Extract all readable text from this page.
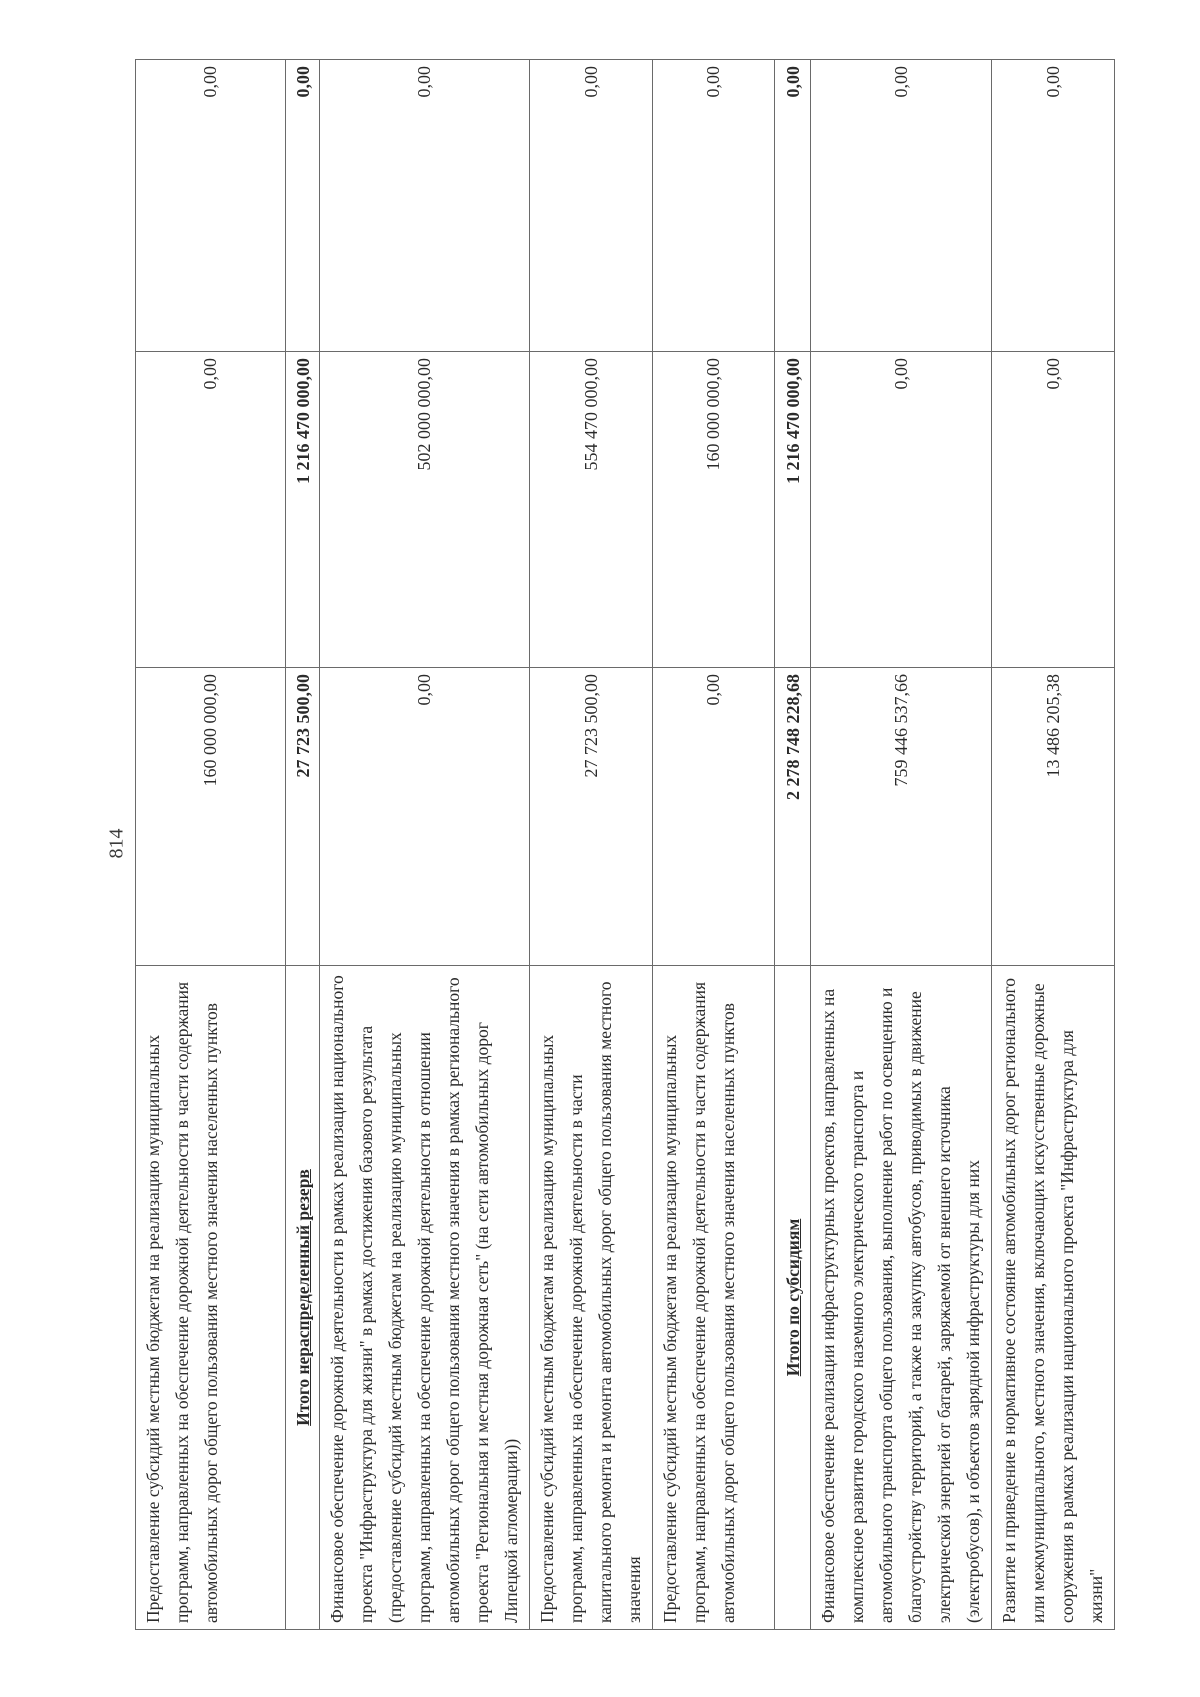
814
Предоставление субсидий местным бюджетам на реализацию муниципальных программ, направленных на обеспечение дорожной деятельности в части содержания автомобильных дорог общего пользования местного значения населенных пунктов	160 000 000,00	0,00	0,00
Итого нераспределенный резерв	27 723 500,00	1 216 470 000,00	0,00
Финансовое обеспечение дорожной деятельности в рамках реализации национального проекта "Инфраструктура для жизни" в рамках достижения базового результата (предоставление субсидий местным бюджетам на реализацию муниципальных программ, направленных на обеспечение дорожной деятельности в отношении автомобильных дорог общего пользования местного значения в рамках регионального проекта "Региональная и местная дорожная сеть" (на сети автомобильных дорог Липецкой агломерации))	0,00	502 000 000,00	0,00
Предоставление субсидий местным бюджетам на реализацию муниципальных программ, направленных на обеспечение дорожной деятельности в части капитального ремонта и ремонта автомобильных дорог общего пользования местного значения	27 723 500,00	554 470 000,00	0,00
Предоставление субсидий местным бюджетам на реализацию муниципальных программ, направленных на обеспечение дорожной деятельности в части содержания автомобильных дорог общего пользования местного значения населенных пунктов	0,00	160 000 000,00	0,00
Итого по субсидиям	2 278 748 228,68	1 216 470 000,00	0,00
Финансовое обеспечение реализации инфраструктурных проектов, направленных на комплексное развитие городского наземного электрического транспорта и автомобильного транспорта общего пользования, выполнение работ по освещению и благоустройству территорий, а также на закупку автобусов, приводимых в движение электрической энергией от батарей, заряжаемой от внешнего источника (электробусов), и объектов зарядной инфраструктуры для них	759 446 537,66	0,00	0,00
Развитие и приведение в нормативное состояние автомобильных дорог регионального или межмуниципального, местного значения, включающих искусственные дорожные сооружения в рамках реализации национального проекта "Инфраструктура для жизни"	13 486 205,38	0,00	0,00
